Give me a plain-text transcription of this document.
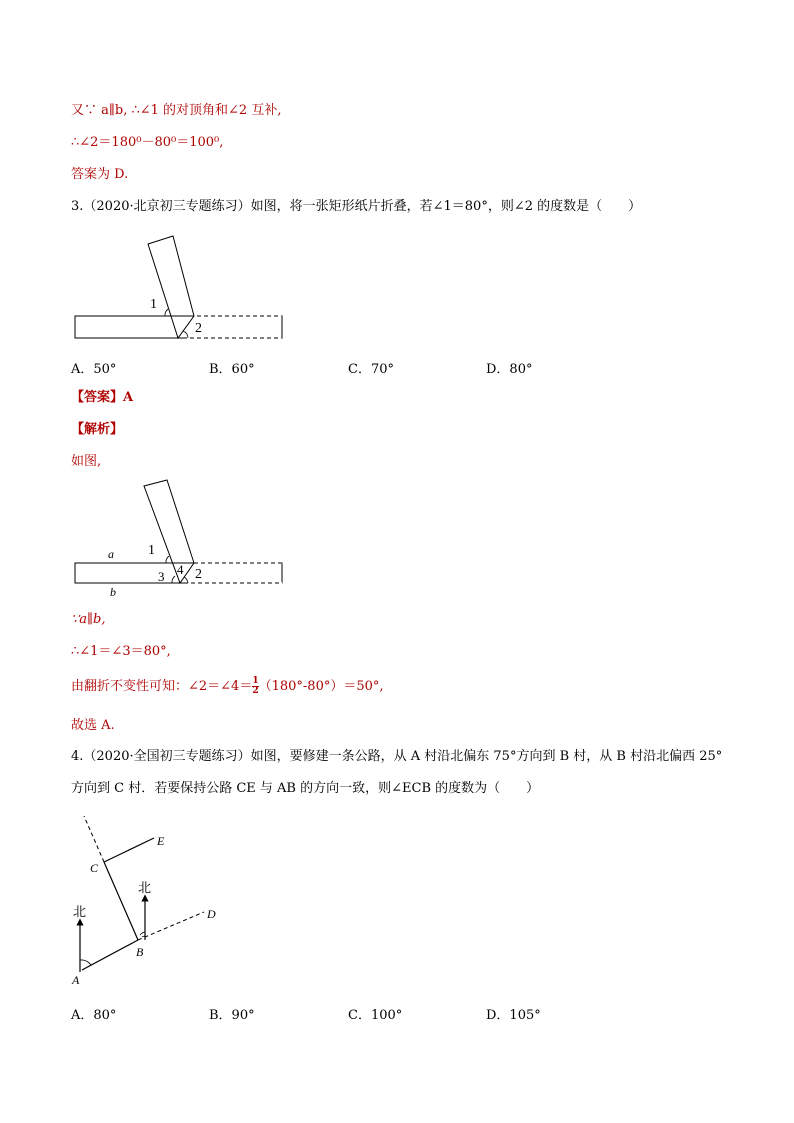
又∵ a∥b, ∴∠1 的对顶角和∠2 互补,
∴∠2＝180⁰－80⁰＝100⁰,
答案为 D.
3.（2020·北京初三专题练习）如图，将一张矩形纸片折叠，若∠1＝80°，则∠2 的度数是（　　）
1
2
A．50°	B．60°	C．70°	D．80°
【答案】A
【解析】
如图,
a
b
1
3 4 2
∵a∥b,
∴∠1＝∠3＝80°,
由翻折不变性可知：∠2＝∠4＝ $\frac{1}{2} (180^\circ-80^\circ)=50^\circ$,
故选 A.
4.（2020·全国初三专题练习）如图，要修建一条公路，从 A 村沿北偏东 75°方向到 B 村，从 B 村沿北偏西 25°
方向到 C 村．若要保持公路 CE 与 AB 的方向一致，则∠ECB 的度数为（　　）
北
北
A
B
C
D
E
A．80°	B．90°	C．100°	D．105°
